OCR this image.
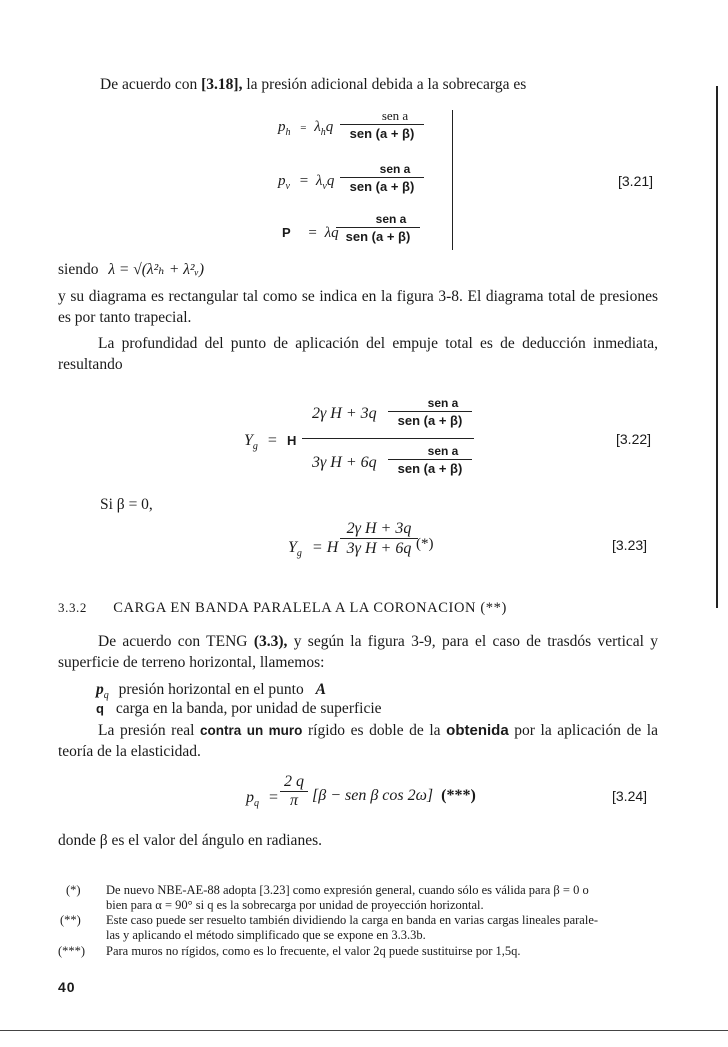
De acuerdo con [3.18], la presión adicional debida a la sobrecarga es
$p_h = \lambda_hq$
sen a
sen (a + β)
$p_v = \lambda_vq$
sen a
sen (a + β)
P = λq
sen a
sen (a + β)
[3.21]
siendo λ = √(λ²ₕ + λ²ᵥ)
y su diagrama es rectangular tal como se indica en la figura 3-8. El diagrama total de presiones es por tanto trapecial.
La profundidad del punto de aplicación del empuje total es de deducción inmediata, resultando
$Y_g = H$
2γ H + 3q
sen a
sen (a + β)
3γ H + 6q
sen a
sen (a + β)
[3.22]
Si β = 0,
$Y_g = H$
2γ H + 3q
3γ H + 6q (*)	[3.23]
3.3.2 CARGA EN BANDA PARALELA A LA CORONACION (**)
De acuerdo con TENG (3.3), y según la figura 3-9, para el caso de trasdós vertical y superficie de terreno horizontal, llamemos:
$p_q$ presión horizontal en el punto A
q carga en la banda, por unidad de superficie
La presión real contra un muro rígido es doble de la obtenida por la aplicación de la teoría de la elasticidad.
$p_q$ =
2 q
π [β − sen β cos 2ω] (***)	[3.24]
donde β es el valor del ángulo en radianes.
(*) De nuevo NBE-AE-88 adopta [3.23] como expresión general, cuando sólo es válida para β = 0 o
bien para α = 90° si q es la sobrecarga por unidad de proyección horizontal.
(**) Este caso puede ser resuelto también dividiendo la carga en banda en varias cargas lineales parale-
las y aplicando el método simplificado que se expone en 3.3.3b.
(***) Para muros no rígidos, como es lo frecuente, el valor 2q puede sustituirse por 1,5q.
40
